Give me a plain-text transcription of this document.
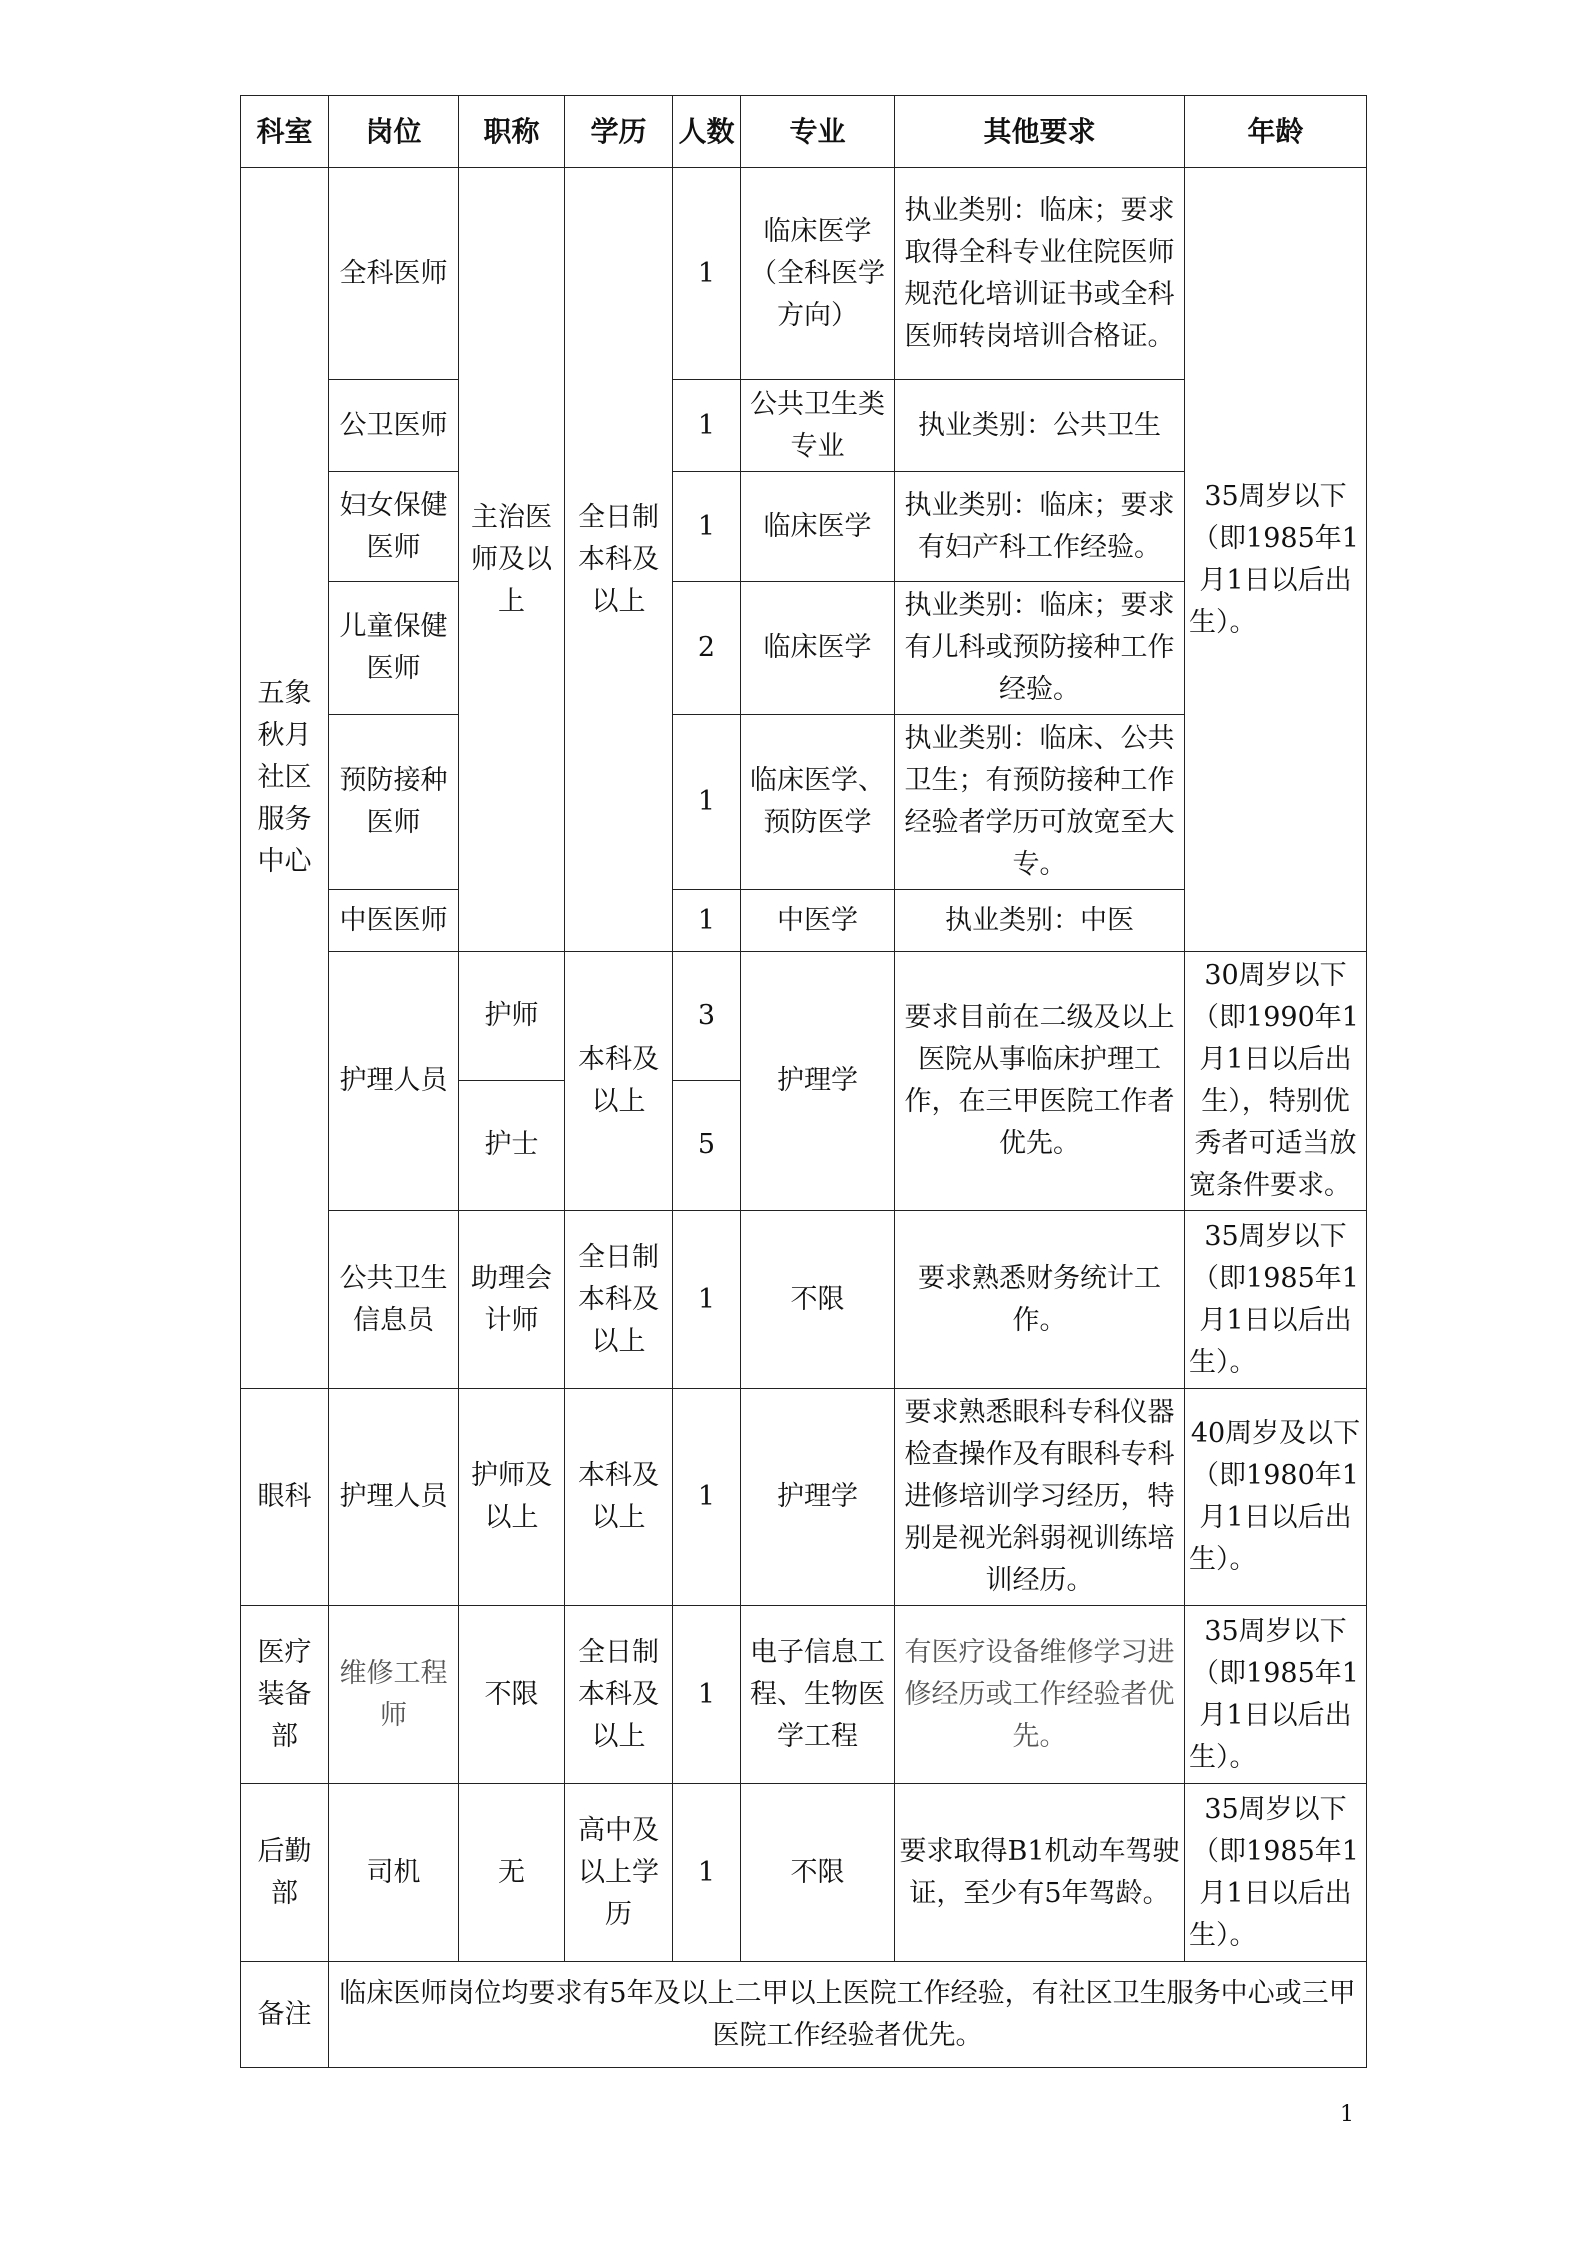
科室	岗位	职称	学历	人数	专业	其他要求	年龄
五象秋月社区服务中心	全科医师	主治医师及以上	全日制本科及以上	1	临床医学（全科医学方向）	执业类别：临床；要求取得全科专业住院医师规范化培训证书或全科医师转岗培训合格证。	35周岁以下（即1985年1月1日以后出生）。
	公卫医师			1	公共卫生类专业	执业类别：公共卫生	
	妇女保健医师			1	临床医学	执业类别：临床；要求有妇产科工作经验。	
	儿童保健医师			2	临床医学	执业类别：临床；要求有儿科或预防接种工作经验。	
	预防接种医师			1	临床医学、预防医学	执业类别：临床、公共卫生；有预防接种工作经验者学历可放宽至大专。	
	中医医师			1	中医学	执业类别：中医	
	护理人员	护师	本科及以上	3	护理学	要求目前在二级及以上医院从事临床护理工作，在三甲医院工作者优先。	30周岁以下（即1990年1月1日以后出生），特别优秀者可适当放宽条件要求。
		护士		5			
	公共卫生信息员	助理会计师	全日制本科及以上	1	不限	要求熟悉财务统计工作。	35周岁以下（即1985年1月1日以后出生）。

眼科	护理人员	护师及以上	本科及以上	1	护理学	要求熟悉眼科专科仪器检查操作及有眼科专科进修培训学习经历，特别是视光斜弱视训练培训经历。	40周岁及以下（即1980年1月1日以后出生）。
医疗装备部	维修工程师	不限	全日制本科及以上	1	电子信息工程、生物医学工程	有医疗设备维修学习进修经历或工作经验者优先。	35周岁以下（即1985年1月1日以后出生）。
后勤部	司机	无	高中及以上学历	1	不限	要求取得B1机动车驾驶证，至少有5年驾龄。	35周岁以下（即1985年1月1日以后出生）。
备注	临床医师岗位均要求有5年及以上二甲以上医院工作经验，有社区卫生服务中心或三甲医院工作经验者优先。						
1
